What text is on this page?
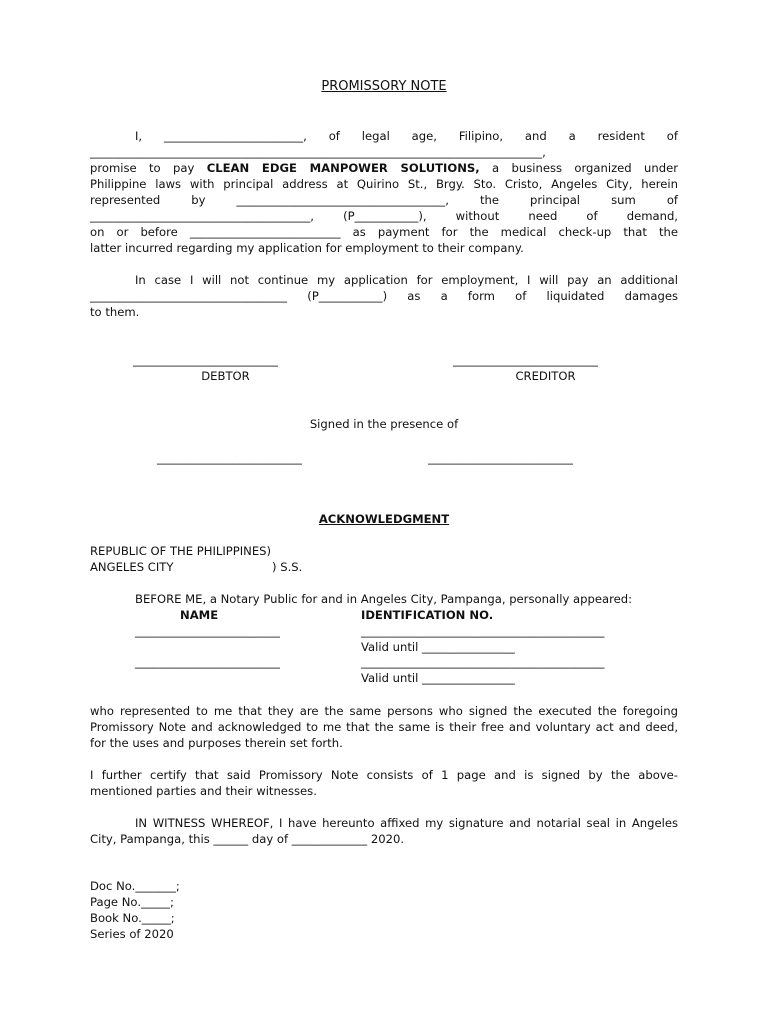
PROMISSORY NOTE
I, ________________________, of legal age, Filipino, and a resident of
______________________________________________________________________________,
promise to pay CLEAN EDGE MANPOWER SOLUTIONS, a business organized under
Philippine laws with principal address at Quirino St., Brgy. Sto. Cristo, Angeles City, herein
represented by ____________________________________, the principal sum of
______________________________________, (P___________), without need of demand,
on or before __________________________ as payment for the medical check-up that the
latter incurred regarding my application for employment to their company.
In case I will not continue my application for employment, I will pay an additional
__________________________________ (P___________) as a form of liquidated damages
to them.
_________________________
DEBTOR
_________________________
CREDITOR
Signed in the presence of
_________________________	_________________________
ACKNOWLEDGMENT
REPUBLIC OF THE PHILIPPINES)
ANGELES CITY	) S.S.
BEFORE ME, a Notary Public for and in Angeles City, Pampanga, personally appeared:
NAME	IDENTIFICATION NO.
_________________________	__________________________________________
Valid until ________________
_________________________	__________________________________________
Valid until ________________
who represented to me that they are the same persons who signed the executed the foregoing
Promissory Note and acknowledged to me that the same is their free and voluntary act and deed,
for the uses and purposes therein set forth.
I further certify that said Promissory Note consists of 1 page and is signed by the above-
mentioned parties and their witnesses.
IN WITNESS WHEREOF, I have hereunto affixed my signature and notarial seal in Angeles
City, Pampanga, this ______ day of _____________ 2020.
Doc No._______;
Page No._____;
Book No._____;
Series of 2020
